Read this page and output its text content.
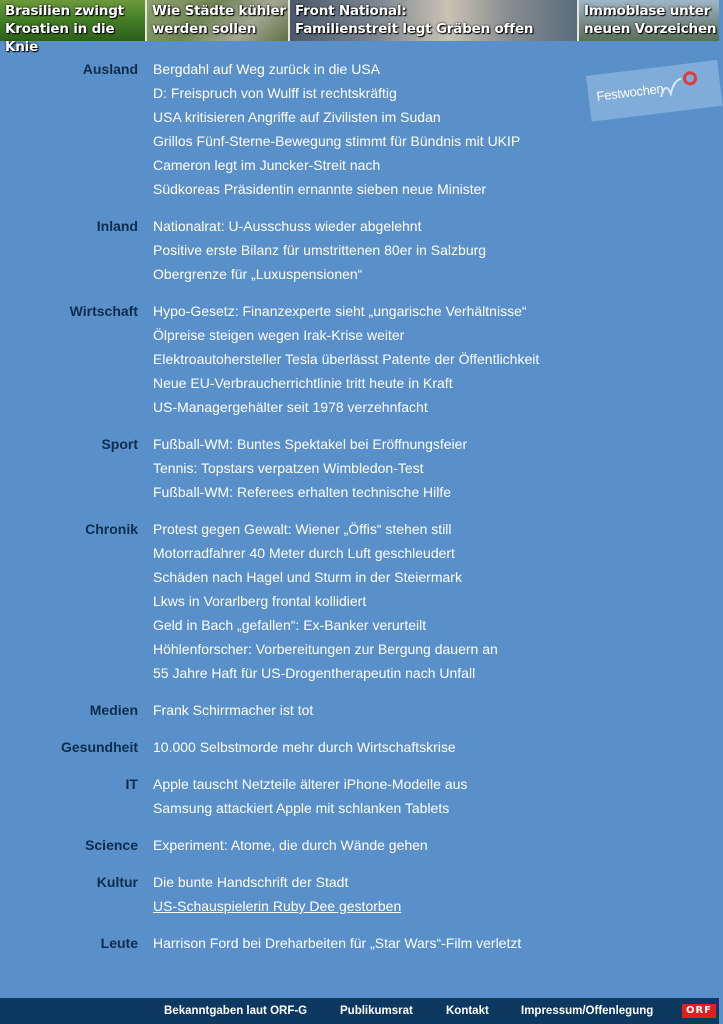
Brasilien zwingt
Kroatien in die Knie
Wie Städte kühler
werden sollen
Front National:
Familienstreit legt Gräben offen
Immoblase unter
neuen Vorzeichen
Festwochen
Ausland Bergdahl auf Weg zurück in die USA
D: Freispruch von Wulff ist rechtskräftig
USA kritisieren Angriffe auf Zivilisten im Sudan
Grillos Fünf-Sterne-Bewegung stimmt für Bündnis mit UKIP
Cameron legt im Juncker-Streit nach
Südkoreas Präsidentin ernannte sieben neue Minister
Inland Nationalrat: U-Ausschuss wieder abgelehnt
Positive erste Bilanz für umstrittenen 80er in Salzburg
Obergrenze für „Luxuspensionen“
Wirtschaft Hypo-Gesetz: Finanzexperte sieht „ungarische Verhältnisse“
Ölpreise steigen wegen Irak-Krise weiter
Elektroautohersteller Tesla überlässt Patente der Öffentlichkeit
Neue EU-Verbraucherrichtlinie tritt heute in Kraft
US-Managergehälter seit 1978 verzehnfacht
Sport Fußball-WM: Buntes Spektakel bei Eröffnungsfeier
Tennis: Topstars verpatzen Wimbledon-Test
Fußball-WM: Referees erhalten technische Hilfe
Chronik Protest gegen Gewalt: Wiener „Öffis“ stehen still
Motorradfahrer 40 Meter durch Luft geschleudert
Schäden nach Hagel und Sturm in der Steiermark
Lkws in Vorarlberg frontal kollidiert
Geld in Bach „gefallen“: Ex-Banker verurteilt
Höhlenforscher: Vorbereitungen zur Bergung dauern an
55 Jahre Haft für US-Drogentherapeutin nach Unfall
Medien Frank Schirrmacher ist tot
Gesundheit 10.000 Selbstmorde mehr durch Wirtschaftskrise
IT Apple tauscht Netzteile älterer iPhone-Modelle aus
Samsung attackiert Apple mit schlanken Tablets
Science Experiment: Atome, die durch Wände gehen
Kultur Die bunte Handschrift der Stadt
US-Schauspielerin Ruby Dee gestorben
Leute Harrison Ford bei Dreharbeiten für „Star Wars“-Film verletzt
Bekanntgaben laut ORF-G	Publikumsrat	Kontakt	Impressum/Offenlegung	ORF
